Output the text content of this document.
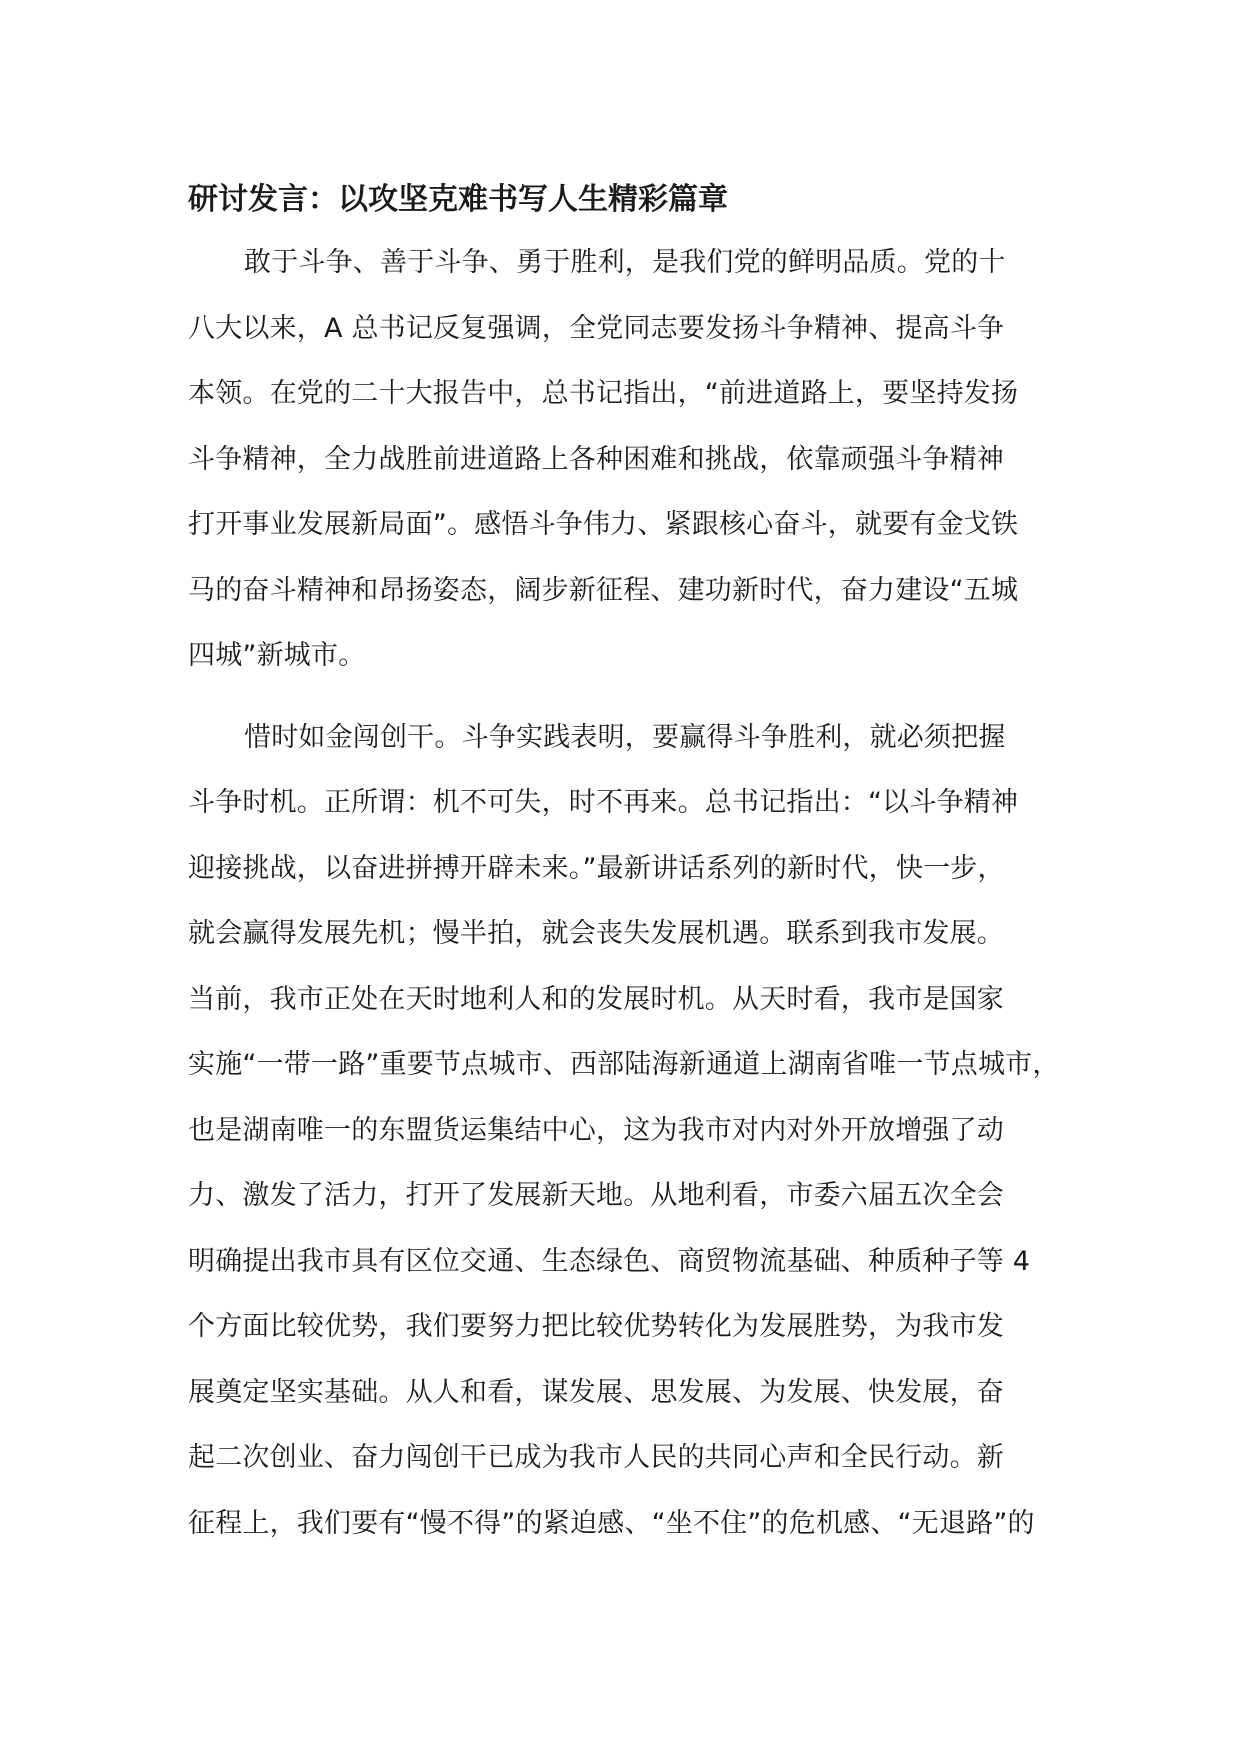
研讨发言：以攻坚克难书写人生精彩篇章

敢于斗争、善于斗争、勇于胜利，是我们党的鲜明品质。党的十
八大以来，A 总书记反复强调，全党同志要发扬斗争精神、提高斗争
本领。在党的二十大报告中，总书记指出，“前进道路上，要坚持发扬
斗争精神，全力战胜前进道路上各种困难和挑战，依靠顽强斗争精神
打开事业发展新局面”。感悟斗争伟力、紧跟核心奋斗，就要有金戈铁
马的奋斗精神和昂扬姿态，阔步新征程、建功新时代，奋力建设“五城
四城”新城市。

惜时如金闯创干。斗争实践表明，要赢得斗争胜利，就必须把握
斗争时机。正所谓：机不可失，时不再来。总书记指出：“以斗争精神
迎接挑战，以奋进拼搏开辟未来。”最新讲话系列的新时代，快一步，
就会赢得发展先机；慢半拍，就会丧失发展机遇。联系到我市发展。
当前，我市正处在天时地利人和的发展时机。从天时看，我市是国家
实施“一带一路”重要节点城市、西部陆海新通道上湖南省唯一节点城市，
也是湖南唯一的东盟货运集结中心，这为我市对内对外开放增强了动
力、激发了活力，打开了发展新天地。从地利看，市委六届五次全会
明确提出我市具有区位交通、生态绿色、商贸物流基础、种质种子等 4
个方面比较优势，我们要努力把比较优势转化为发展胜势，为我市发
展奠定坚实基础。从人和看，谋发展、思发展、为发展、快发展，奋
起二次创业、奋力闯创干已成为我市人民的共同心声和全民行动。新
征程上，我们要有“慢不得”的紧迫感、“坐不住”的危机感、“无退路”的
